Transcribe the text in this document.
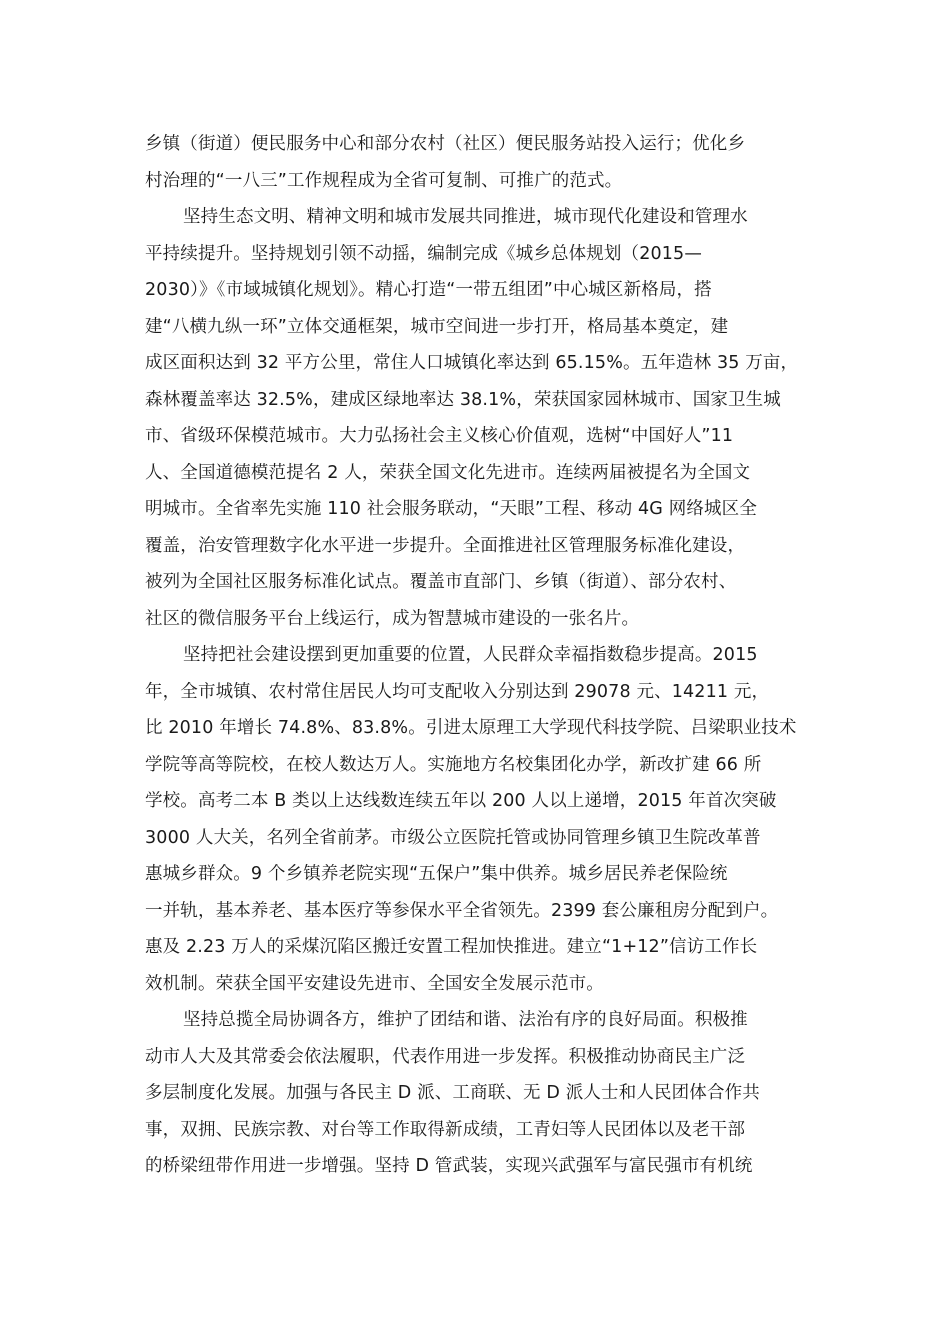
乡镇（街道）便民服务中心和部分农村（社区）便民服务站投入运行；优化乡
村治理的“一八三”工作规程成为全省可复制、可推广的范式。
坚持生态文明、精神文明和城市发展共同推进，城市现代化建设和管理水
平持续提升。坚持规划引领不动摇，编制完成《城乡总体规划（2015—
2030）》《市域城镇化规划》。精心打造“一带五组团”中心城区新格局，搭
建“八横九纵一环”立体交通框架，城市空间进一步打开，格局基本奠定，建
成区面积达到 32 平方公里，常住人口城镇化率达到 65.15%。五年造林 35 万亩，
森林覆盖率达 32.5%，建成区绿地率达 38.1%，荣获国家园林城市、国家卫生城
市、省级环保模范城市。大力弘扬社会主义核心价值观，选树“中国好人”11
人、全国道德模范提名 2 人，荣获全国文化先进市。连续两届被提名为全国文
明城市。全省率先实施 110 社会服务联动，“天眼”工程、移动 4G 网络城区全
覆盖，治安管理数字化水平进一步提升。全面推进社区管理服务标准化建设，
被列为全国社区服务标准化试点。覆盖市直部门、乡镇（街道）、部分农村、
社区的微信服务平台上线运行，成为智慧城市建设的一张名片。
坚持把社会建设摆到更加重要的位置，人民群众幸福指数稳步提高。2015
年，全市城镇、农村常住居民人均可支配收入分别达到 29078 元、14211 元，
比 2010 年增长 74.8%、83.8%。引进太原理工大学现代科技学院、吕梁职业技术
学院等高等院校，在校人数达万人。实施地方名校集团化办学，新改扩建 66 所
学校。高考二本 B 类以上达线数连续五年以 200 人以上递增，2015 年首次突破
3000 人大关，名列全省前茅。市级公立医院托管或协同管理乡镇卫生院改革普
惠城乡群众。9 个乡镇养老院实现“五保户”集中供养。城乡居民养老保险统
一并轨，基本养老、基本医疗等参保水平全省领先。2399 套公廉租房分配到户。
惠及 2.23 万人的采煤沉陷区搬迁安置工程加快推进。建立“1+12”信访工作长
效机制。荣获全国平安建设先进市、全国安全发展示范市。
坚持总揽全局协调各方，维护了团结和谐、法治有序的良好局面。积极推
动市人大及其常委会依法履职，代表作用进一步发挥。积极推动协商民主广泛
多层制度化发展。加强与各民主 D 派、工商联、无 D 派人士和人民团体合作共
事，双拥、民族宗教、对台等工作取得新成绩，工青妇等人民团体以及老干部
的桥梁纽带作用进一步增强。坚持 D 管武装，实现兴武强军与富民强市有机统
